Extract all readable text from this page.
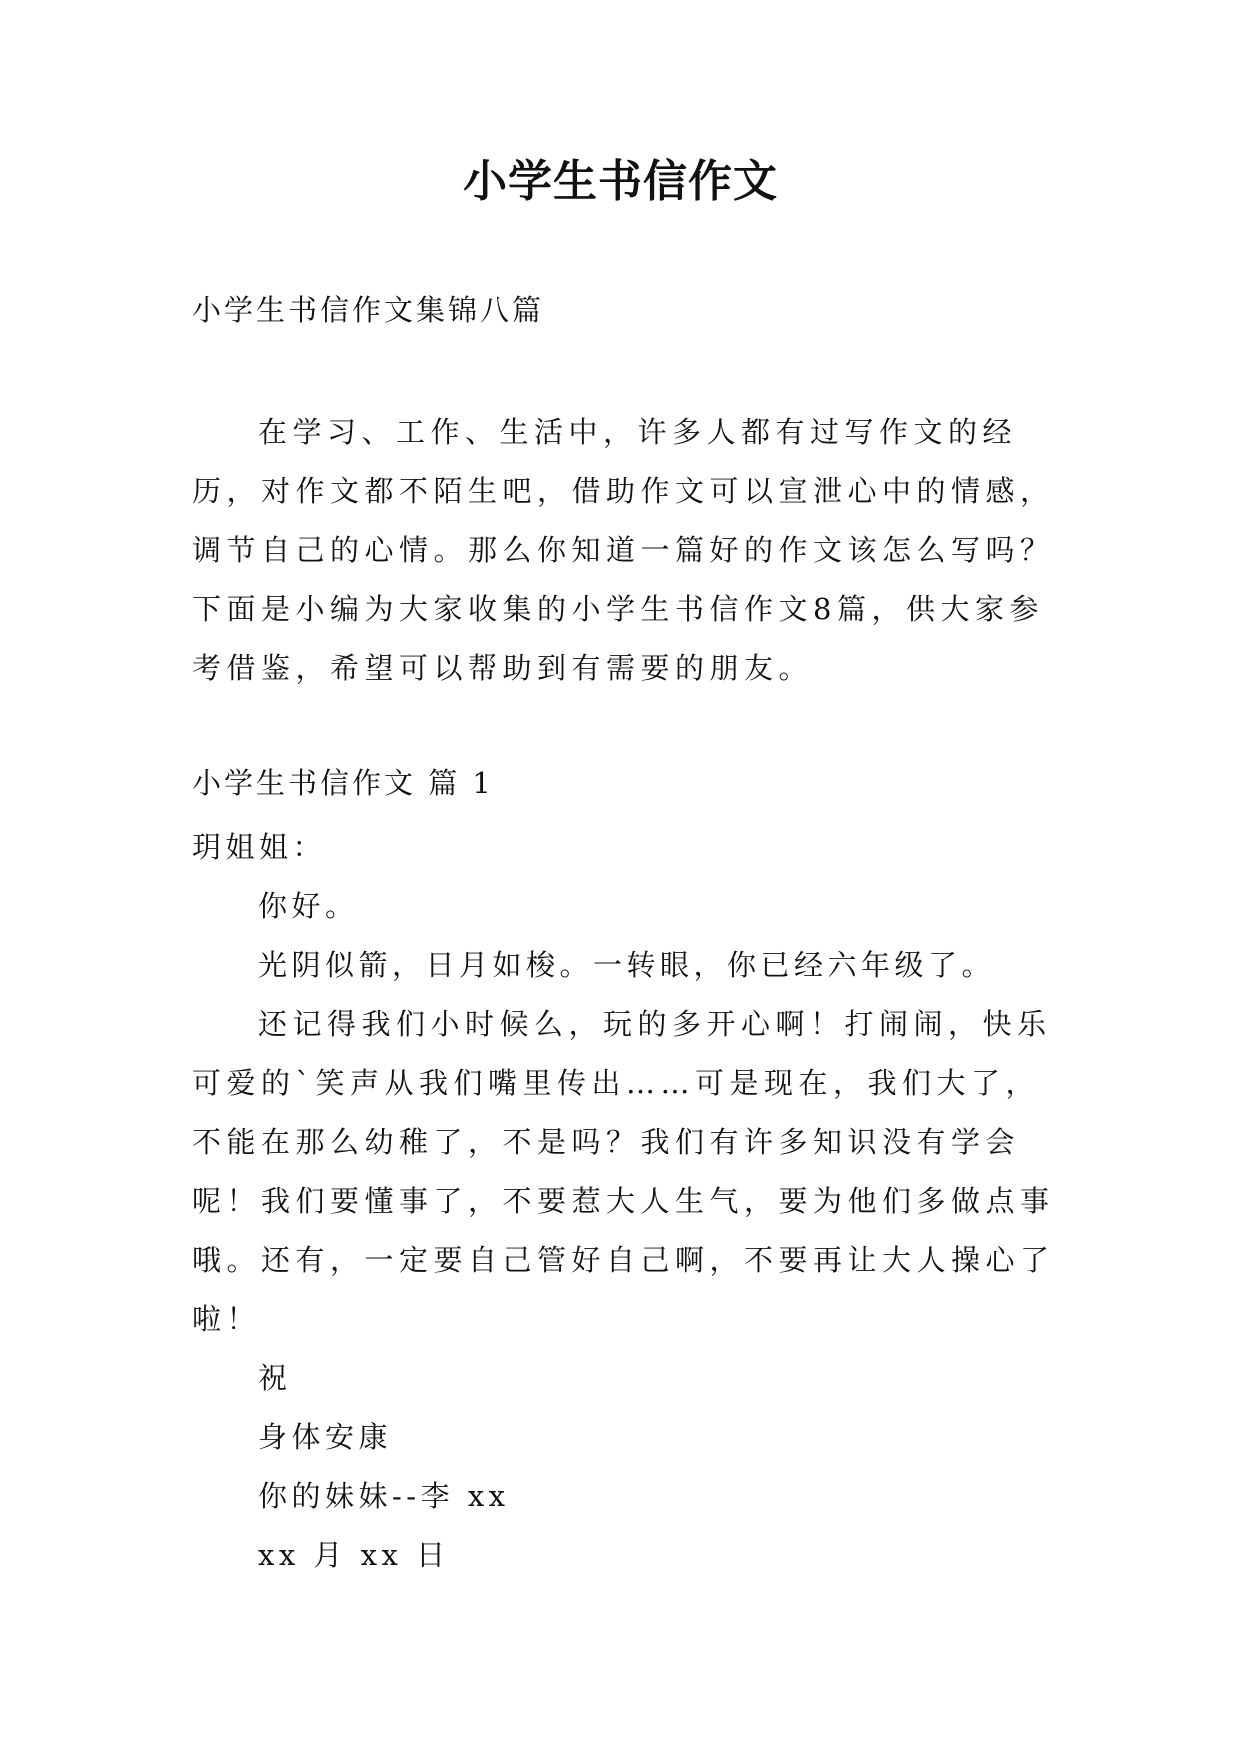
小学生书信作文
小学生书信作文集锦八篇

在学习、工作、生活中，许多人都有过写作文的经历，对作文都不陌生吧，借助作文可以宣泄心中的情感，调节自己的心情。那么你知道一篇好的作文该怎么写吗？下面是小编为大家收集的小学生书信作文8篇，供大家参考借鉴，希望可以帮助到有需要的朋友。

小学生书信作文 篇 1

玥姐姐：

你好。

光阴似箭，日月如梭。一转眼，你已经六年级了。

还记得我们小时候么，玩的多开心啊！打闹闹，快乐可爱的`笑声从我们嘴里传出……可是现在，我们大了，不能在那么幼稚了，不是吗？我们有许多知识没有学会呢！我们要懂事了，不要惹大人生气，要为他们多做点事哦。还有，一定要自己管好自己啊，不要再让大人操心了啦！

祝

身体安康

你的妹妹--李 xx

xx 月 xx 日
